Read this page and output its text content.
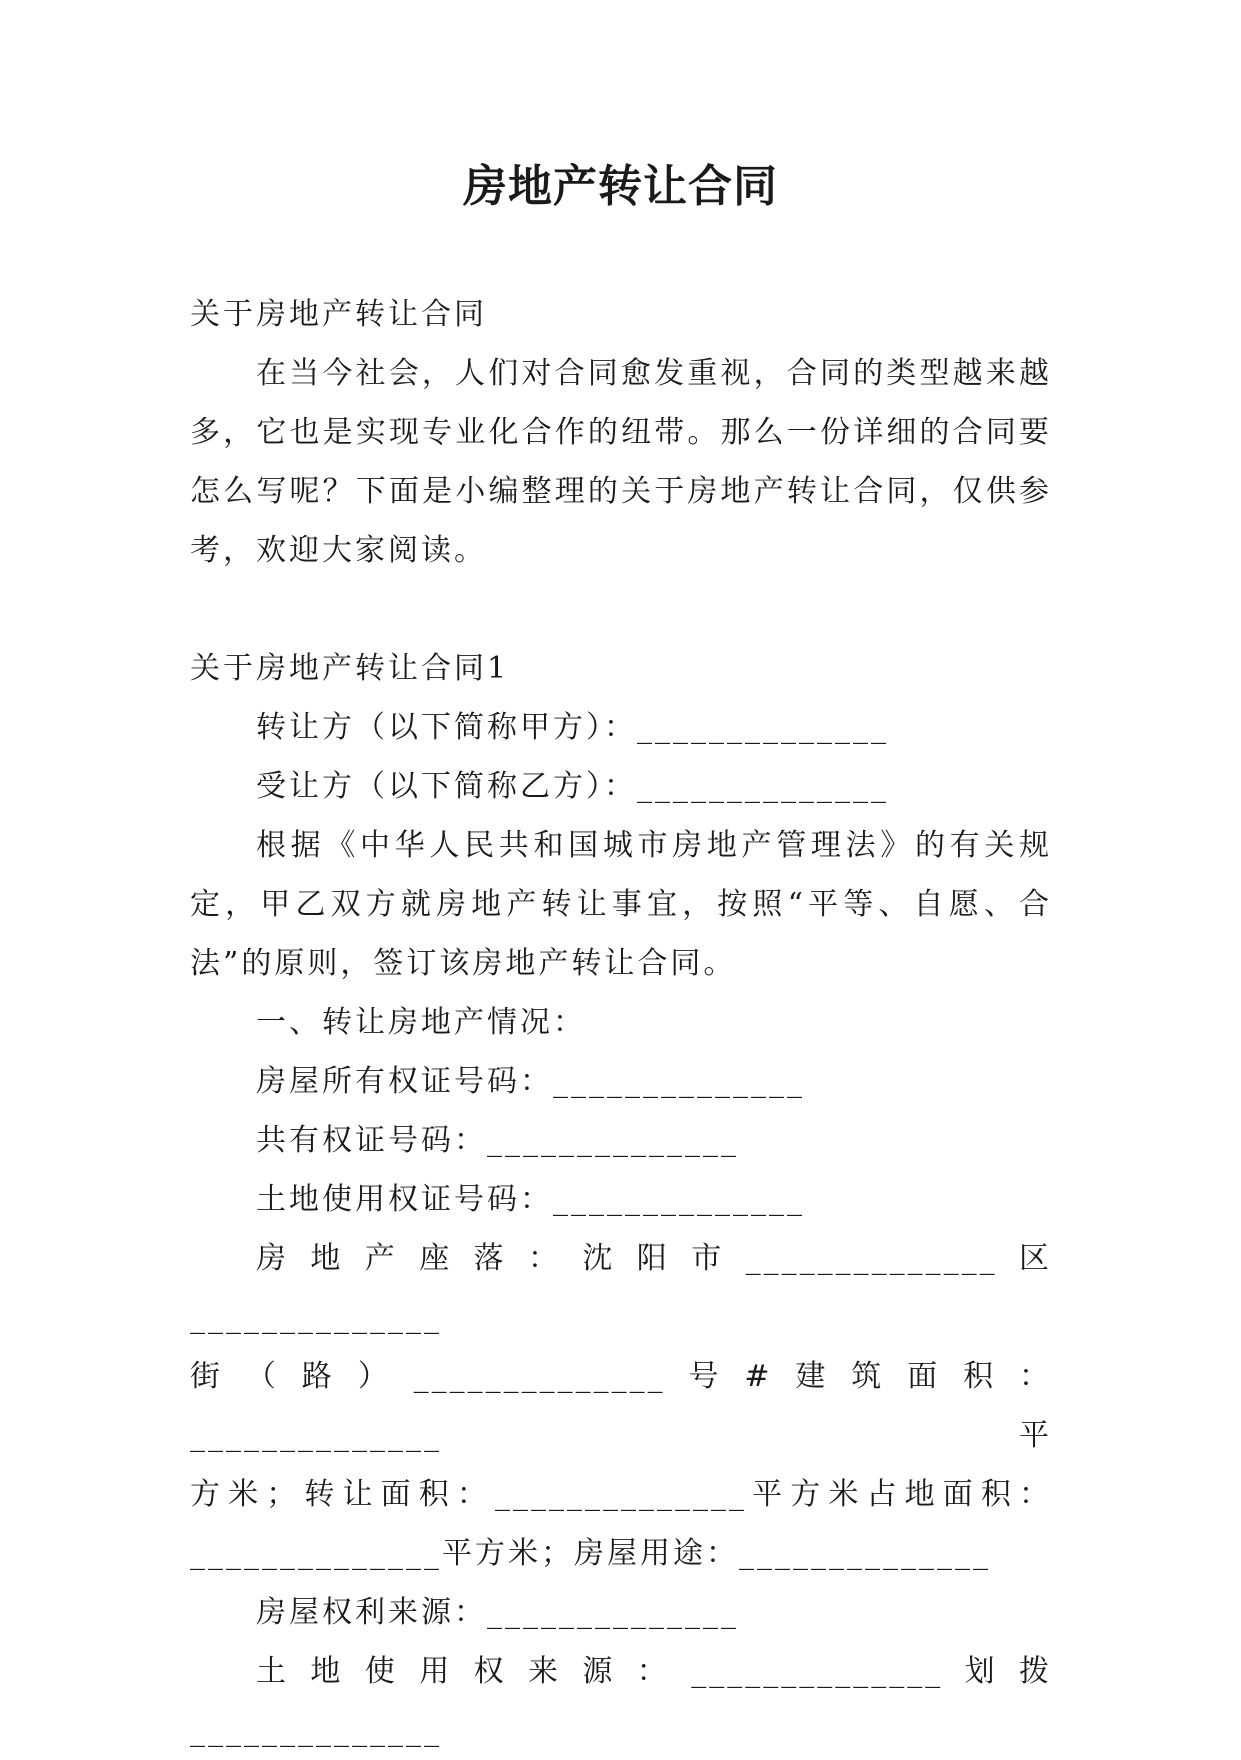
房地产转让合同

关于房地产转让合同

在当今社会，人们对合同愈发重视，合同的类型越来越多，它也是实现专业化合作的纽带。那么一份详细的合同要怎么写呢？下面是小编整理的关于房地产转让合同，仅供参考，欢迎大家阅读。

关于房地产转让合同1

转让方（以下简称甲方）：______________

受让方（以下简称乙方）：______________

根据《中华人民共和国城市房地产管理法》的有关规定，甲乙双方就房地产转让事宜，按照“平等、自愿、合法”的原则，签订该房地产转让合同。

一、转让房地产情况：

房屋所有权证号码：______________

共有权证号码：______________

土地使用权证号码：______________

房地产座落：沈阳市______________区______________

街（路）______________号#建筑面积：______________平

方米；转让面积：______________平方米占地面积：

______________平方米；房屋用途：______________

房屋权利来源：______________

土地使用权来源：______________划拨______________
